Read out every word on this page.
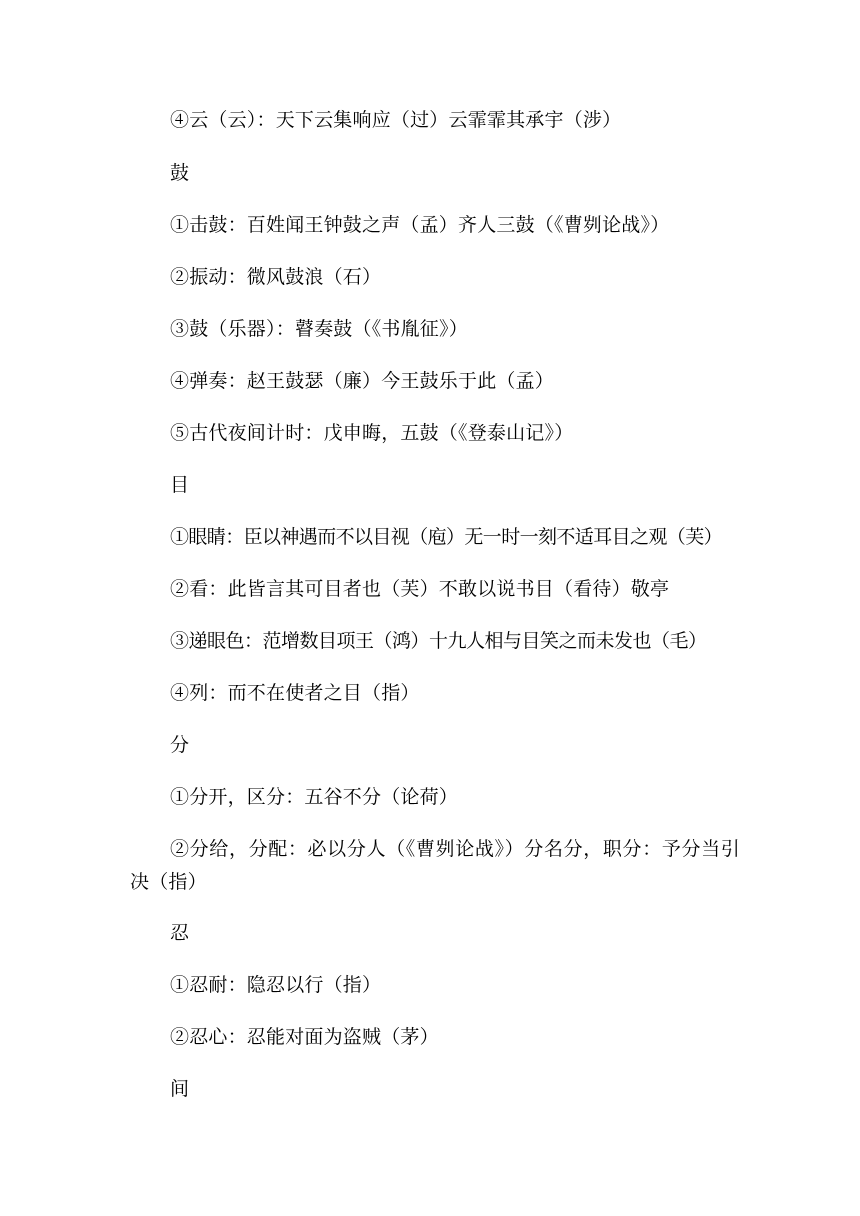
④云（云）：天下云集响应（过）云霏霏其承宇（涉）
鼓
①击鼓：百姓闻王钟鼓之声（孟）齐人三鼓（《曹刿论战》）
②振动：微风鼓浪（石）
③鼓（乐器）：瞽奏鼓（《书胤征》）
④弹奏：赵王鼓瑟（廉）今王鼓乐于此（孟）
⑤古代夜间计时：戊申晦，五鼓（《登泰山记》）
目
①眼睛：臣以神遇而不以目视（庖）无一时一刻不适耳目之观（芙）
②看：此皆言其可目者也（芙）不敢以说书目（看待）敬亭
③递眼色：范增数目项王（鸿）十九人相与目笑之而未发也（毛）
④列：而不在使者之目（指）
分
①分开，区分：五谷不分（论荷）
②分给，分配：必以分人（《曹刿论战》）分名分，职分：予分当引决（指）
忍
①忍耐：隐忍以行（指）
②忍心：忍能对面为盗贼（茅）
间
